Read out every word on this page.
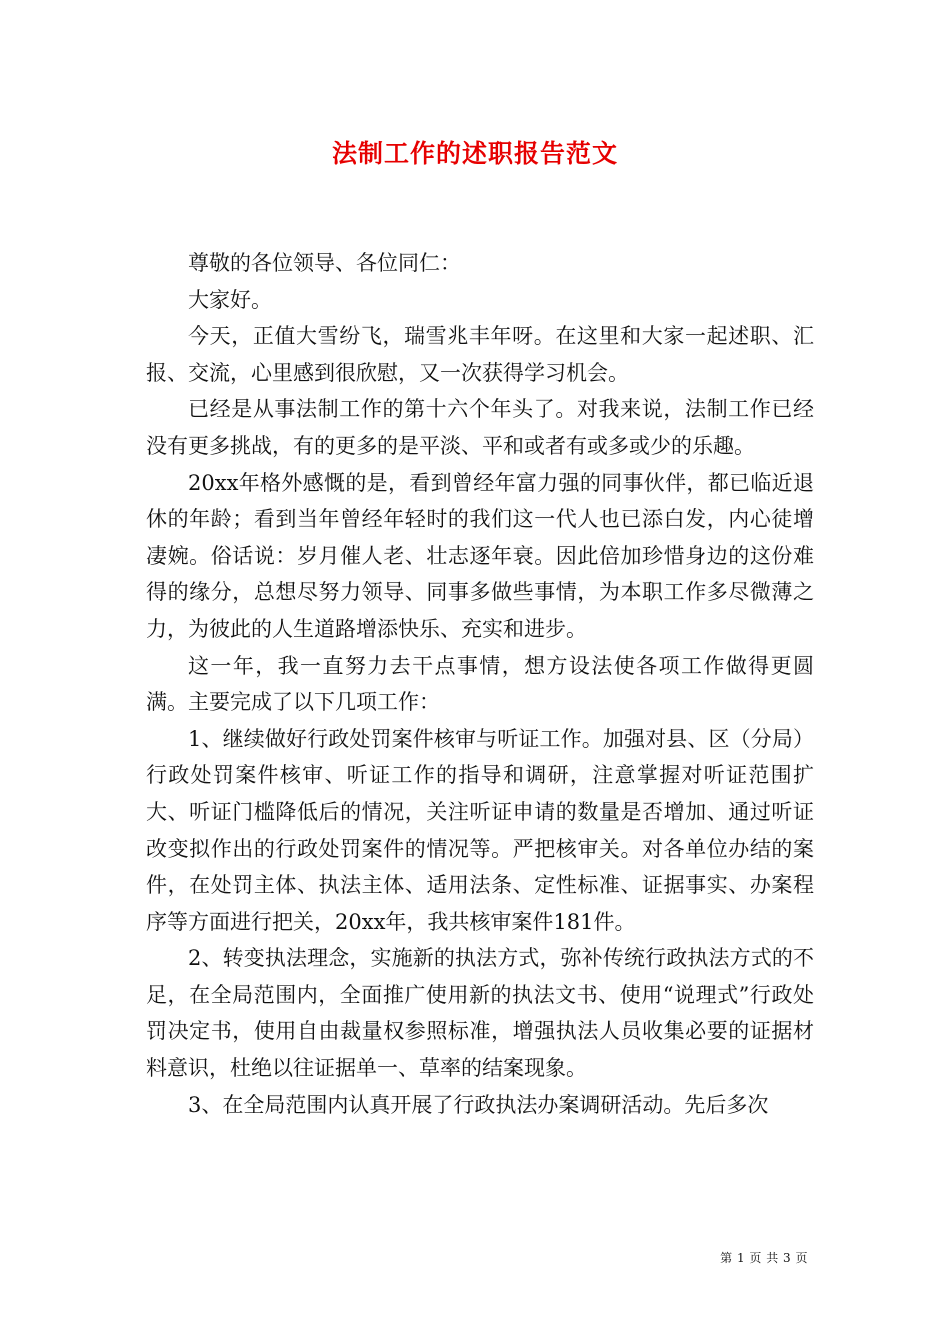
法制工作的述职报告范文

尊敬的各位领导、各位同仁：

大家好。

今天，正值大雪纷飞，瑞雪兆丰年呀。在这里和大家一起述职、汇报、交流，心里感到很欣慰，又一次获得学习机会。

已经是从事法制工作的第十六个年头了。对我来说，法制工作已经没有更多挑战，有的更多的是平淡、平和或者有或多或少的乐趣。

20xx年格外感慨的是，看到曾经年富力强的同事伙伴，都已临近退休的年龄；看到当年曾经年轻时的我们这一代人也已添白发，内心徒增凄婉。俗话说：岁月催人老、壮志逐年衰。因此倍加珍惜身边的这份难得的缘分，总想尽努力领导、同事多做些事情，为本职工作多尽微薄之力，为彼此的人生道路增添快乐、充实和进步。

这一年，我一直努力去干点事情，想方设法使各项工作做得更圆满。主要完成了以下几项工作：

1、继续做好行政处罚案件核审与听证工作。加强对县、区（分局）行政处罚案件核审、听证工作的指导和调研，注意掌握对听证范围扩大、听证门槛降低后的情况，关注听证申请的数量是否增加、通过听证改变拟作出的行政处罚案件的情况等。严把核审关。对各单位办结的案件，在处罚主体、执法主体、适用法条、定性标准、证据事实、办案程序等方面进行把关，20xx年，我共核审案件181件。

2、转变执法理念，实施新的执法方式，弥补传统行政执法方式的不足，在全局范围内，全面推广使用新的执法文书、使用“说理式”行政处罚决定书，使用自由裁量权参照标准，增强执法人员收集必要的证据材料意识，杜绝以往证据单一、草率的结案现象。

3、在全局范围内认真开展了行政执法办案调研活动。先后多次

第 1 页 共 3 页
